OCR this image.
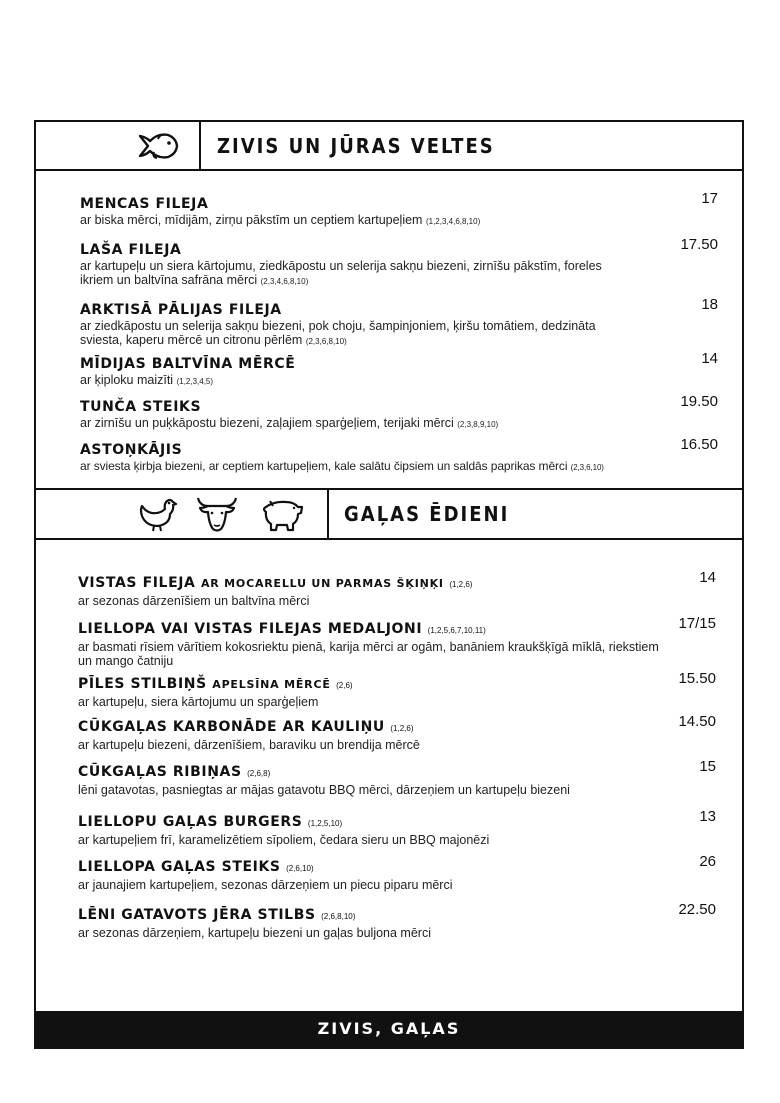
ZIVIS UN JŪRAS VELTES
MENCAS FILEJA
ar biska mērci, mīdijām, zirņu pākstīm un ceptiem kartupeļiem (1,2,3,4,6,8,10)
17
LAŠA FILEJA
ar kartupeļu un siera kārtojumu, ziedkāpostu un selerija sakņu biezeni, zirnīšu pākstīm, foreles ikriem un baltvīna safrāna mērci (2,3,4,6,8,10)
17.50
ARKTISĀ PĀLIJAS FILEJA
ar ziedkāpostu un selerija sakņu biezeni, pok choju, šampinjoniem, ķiršu tomātiem, dedzināta sviesta, kaperu mērcē un citronu pērlēm (2,3,6,8,10)
18
MĪDIJAS BALTVĪNA MĒRCĒ
ar ķiploku maizīti (1,2,3,4,5)
14
TUNČA STEIKS
ar zirnīšu un puķkāpostu biezeni, zaļajiem sparģeļiem, terijaki mērci (2,3,8,9,10)
19.50
ASTOŅKĀJIS
ar sviesta ķirbja biezeni, ar ceptiem kartupeļiem, kale salātu čipsiem un saldās paprikas mērci (2,3,6,10)
16.50
GAĻAS ĒDIENI
VISTAS FILEJA AR MOCARELLU UN PARMAS ŠĶIŅĶI (1,2,6)
ar sezonas dārzenīšiem un baltvīna mērci
14
LIELLOPA VAI VISTAS FILEJAS MEDALJONI (1,2,5,6,7,10,11)
ar basmati rīsiem vārītiem kokosriektu pienā, karija mērci ar ogām, banāniem kraukšķīgā mīklā, riekstiem un mango čatniju
17/15
PĪLES STILBIŅŠ APELSĪNA MĒRCĒ (2,6)
ar kartupeļu, siera kārtojumu un sparģeļiem
15.50
CŪKGAĻAS KARBONĀDE AR KAULIŅU (1,2,6)
ar kartupeļu biezeni, dārzenīšiem, baraviku un brendija mērcē
14.50
CŪKGAĻAS RIBIŅAS (2,6,8)
lēni gatavotas, pasniegtas ar mājas gatavotu BBQ mērci, dārzeņiem un kartupeļu biezeni
15
LIELLOPU GAĻAS BURGERS (1,2,5,10)
ar kartupeļiem frī, karamelizētiem sīpoliem, čedara sieru un BBQ majonēzi
13
LIELLOPA GAĻAS STEIKS (2,6,10)
ar jaunajiem kartupeļiem, sezonas dārzeņiem un piecu piparu mērci
26
LĒNI GATAVOTS JĒRA STILBS (2,6,8,10)
ar sezonas dārzeņiem, kartupeļu biezeni un gaļas buljona mērci
22.50
ZIVIS, GAĻAS
